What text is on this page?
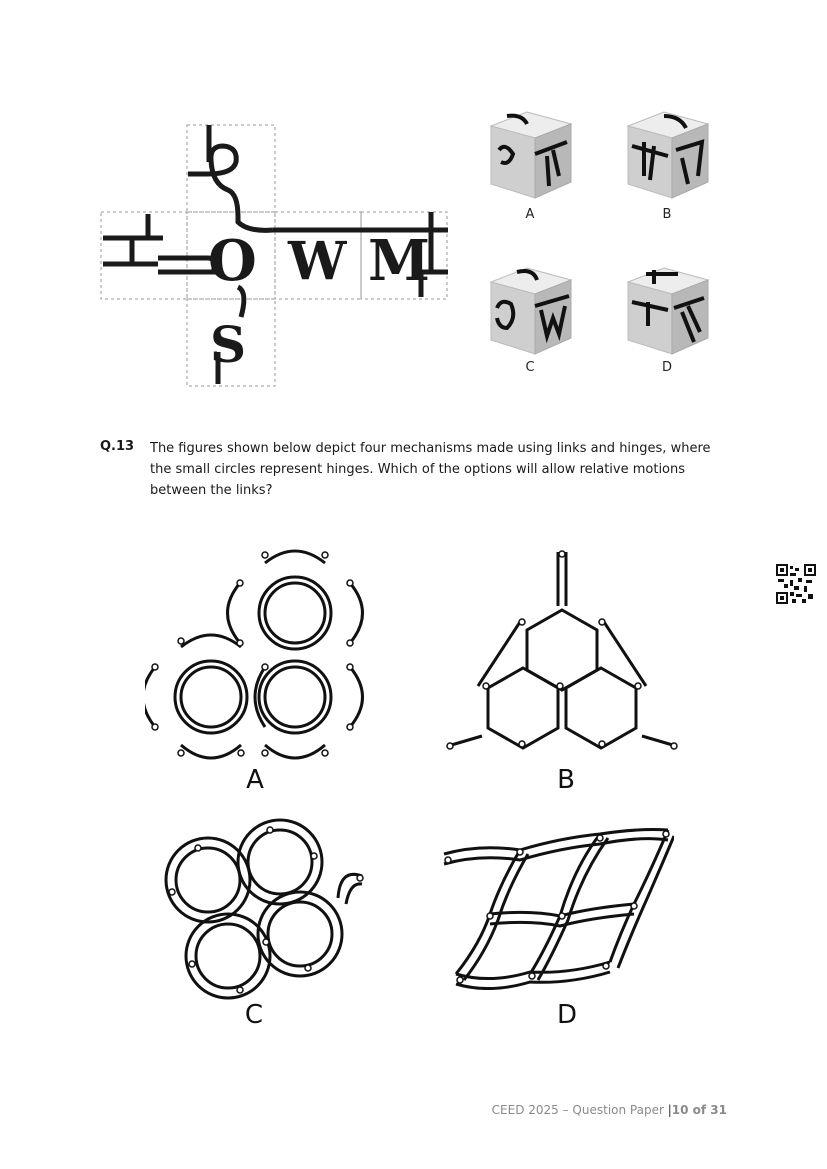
O W M
S
A	B
C	D
Q.13 The figures shown below depict four mechanisms made using links and hinges, where the small circles represent hinges. Which of the options will allow relative motions between the links?
A	B
C	D
CEED 2025 – Question Paper |10 of 31
